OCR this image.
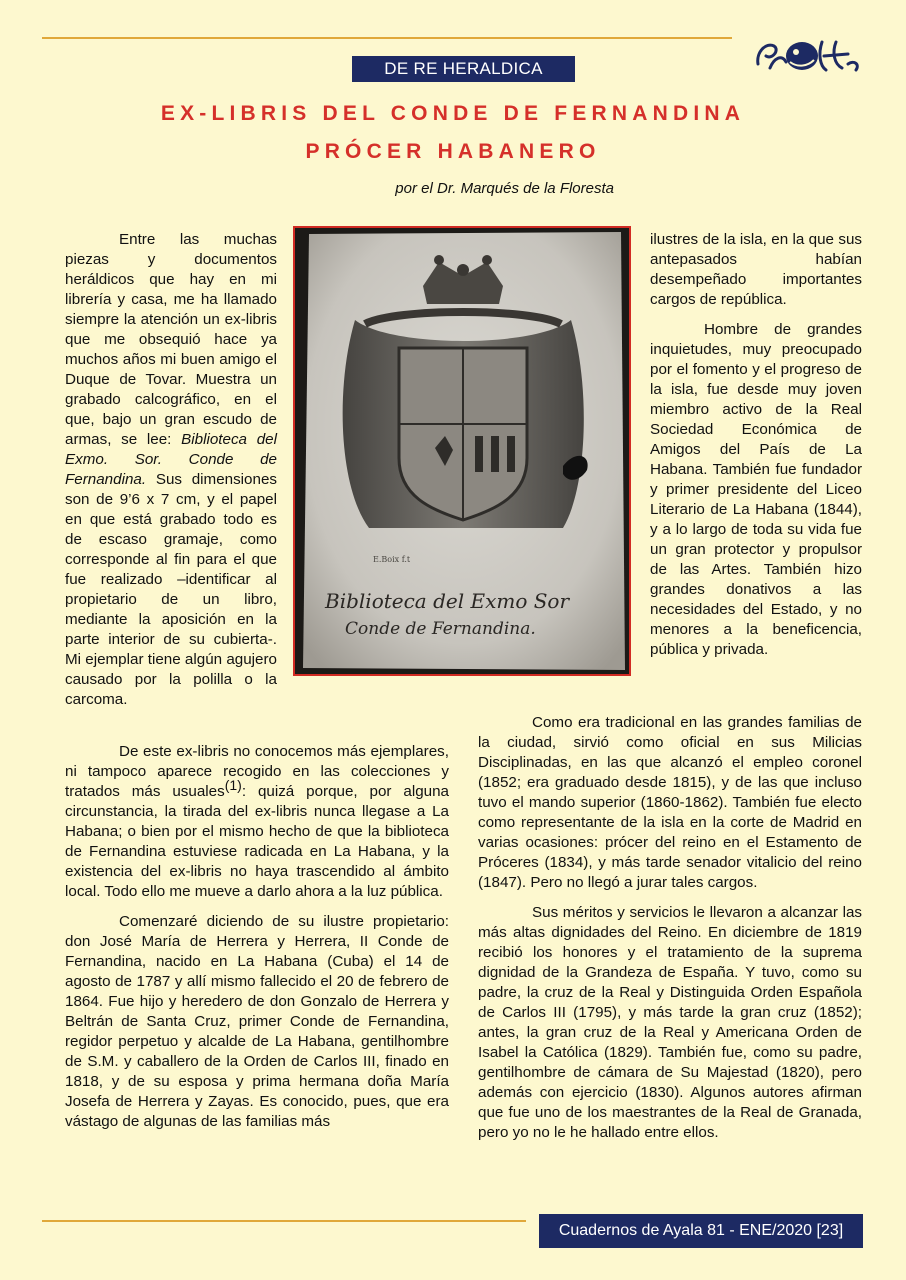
DE RE HERALDICA
EX-LIBRIS DEL CONDE DE FERNANDINA
PRÓCER HABANERO
por el Dr. Marqués de la Floresta

Entre las muchas piezas y documentos heráldicos que hay en mi librería y casa, me ha llamado siempre la atención un ex-libris que me obsequió hace ya muchos años mi buen amigo el Duque de Tovar. Muestra un grabado calcográfico, en el que, bajo un gran escudo de armas, se lee: Biblioteca del Exmo. Sor. Conde de Fernandina. Sus dimensiones son de 9’6 x 7 cm, y el papel en que está grabado todo es de escaso gramaje, como corresponde al fin para el que fue realizado –identificar al propietario de un libro, mediante la aposición en la parte interior de su cubierta-. Mi ejemplar tiene algún agujero causado por la polilla o la carcoma.

Biblioteca del Exmo Sor
Conde de Fernandina.
E.Boix f.t

ilustres de la isla, en la que sus antepasados habían desempeñado importantes cargos de república.

Hombre de grandes inquietudes, muy preocupado por el fomento y el progreso de la isla, fue desde muy joven miembro activo de la Real Sociedad Económica de Amigos del País de La Habana. También fue fundador y primer presidente del Liceo Literario de La Habana (1844), y a lo largo de toda su vida fue un gran protector y propulsor de las Artes. También hizo grandes donativos a las necesidades del Estado, y no menores a la beneficencia, pública y privada.

De este ex-libris no conocemos más ejemplares, ni tampoco aparece recogido en las colecciones y tratados más usuales$^{(1)}$: quizá porque, por alguna circunstancia, la tirada del ex-libris nunca llegase a La Habana; o bien por el mismo hecho de que la biblioteca de Fernandina estuviese radicada en La Habana, y la existencia del ex-libris no haya trascendido al ámbito local. Todo ello me mueve a darlo ahora a la luz pública.

Comenzaré diciendo de su ilustre propietario: don José María de Herrera y Herrera, II Conde de Fernandina, nacido en La Habana (Cuba) el 14 de agosto de 1787 y allí mismo fallecido el 20 de febrero de 1864. Fue hijo y heredero de don Gonzalo de Herrera y Beltrán de Santa Cruz, primer Conde de Fernandina, regidor perpetuo y alcalde de La Habana, gentilhombre de S.M. y caballero de la Orden de Carlos III, finado en 1818, y de su esposa y prima hermana doña María Josefa de Herrera y Zayas. Es conocido, pues, que era vástago de algunas de las familias más

Como era tradicional en las grandes familias de la ciudad, sirvió como oficial en sus Milicias Disciplinadas, en las que alcanzó el empleo coronel (1852; era graduado desde 1815), y de las que incluso tuvo el mando superior (1860-1862). También fue electo como representante de la isla en la corte de Madrid en varias ocasiones: prócer del reino en el Estamento de Próceres (1834), y más tarde senador vitalicio del reino (1847). Pero no llegó a jurar tales cargos.

Sus méritos y servicios le llevaron a alcanzar las más altas dignidades del Reino. En diciembre de 1819 recibió los honores y el tratamiento de la suprema dignidad de la Grandeza de España. Y tuvo, como su padre, la cruz de la Real y Distinguida Orden Española de Carlos III (1795), y más tarde la gran cruz (1852); antes, la gran cruz de la Real y Americana Orden de Isabel la Católica (1829). También fue, como su padre, gentilhombre de cámara de Su Majestad (1820), pero además con ejercicio (1830). Algunos autores afirman que fue uno de los maestrantes de la Real de Granada, pero yo no le he hallado entre ellos.

Cuadernos de Ayala 81 - ENE/2020 [23]
